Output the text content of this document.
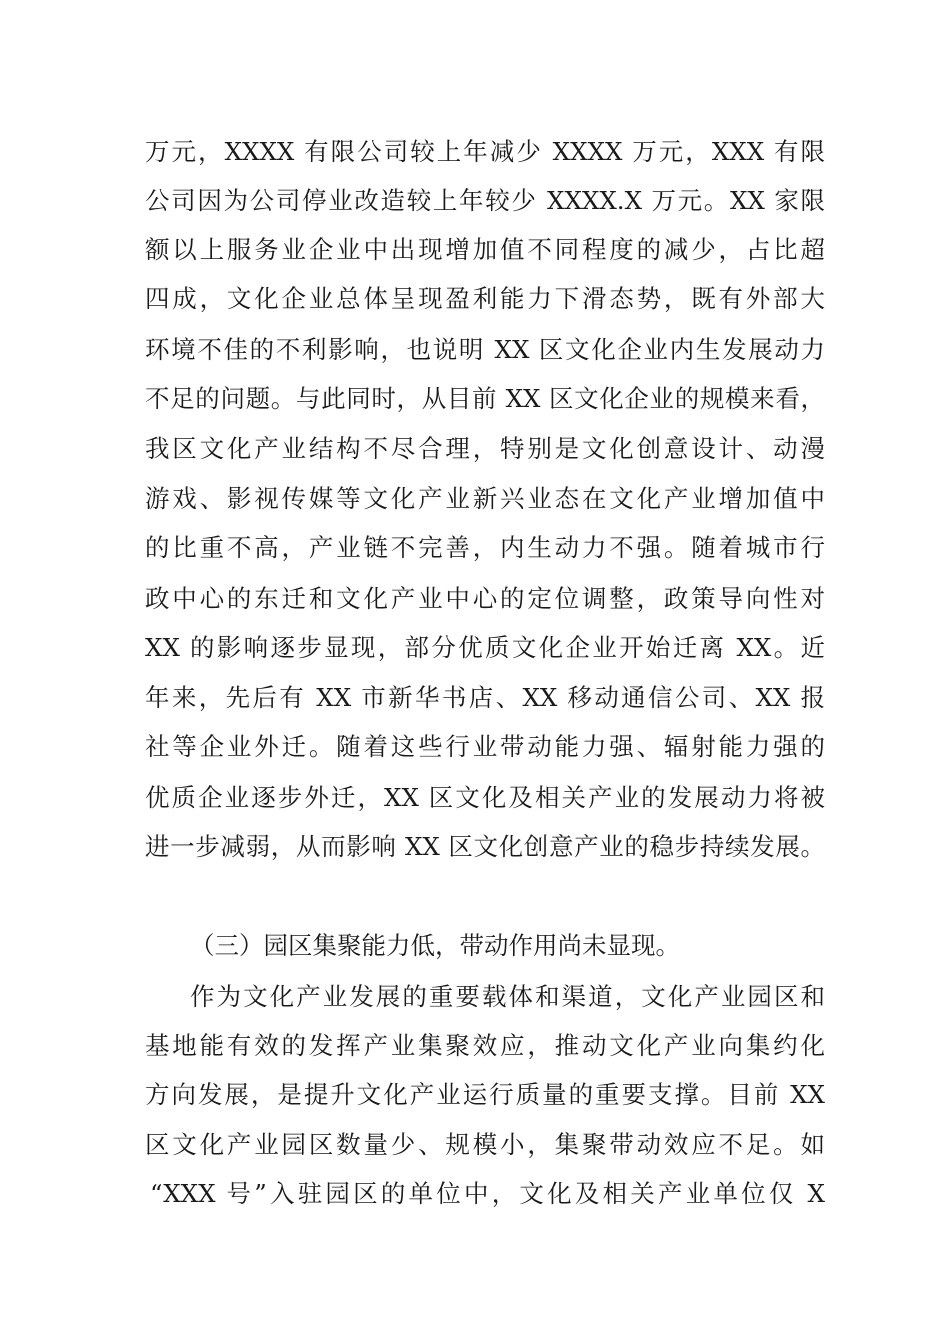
万元，XXXX 有限公司较上年减少 XXXX 万元，XXX 有限
公司因为公司停业改造较上年较少 XXXX.X 万元。XX 家限
额以上服务业企业中出现增加值不同程度的减少，占比超
四成，文化企业总体呈现盈利能力下滑态势，既有外部大
环境不佳的不利影响，也说明 XX 区文化企业内生发展动力
不足的问题。与此同时，从目前 XX 区文化企业的规模来看，
我区文化产业结构不尽合理，特别是文化创意设计、动漫
游戏、影视传媒等文化产业新兴业态在文化产业增加值中
的比重不高，产业链不完善，内生动力不强。随着城市行
政中心的东迁和文化产业中心的定位调整，政策导向性对
XX 的影响逐步显现，部分优质文化企业开始迁离 XX。近
年来，先后有 XX 市新华书店、XX 移动通信公司、XX 报
社等企业外迁。随着这些行业带动能力强、辐射能力强的
优质企业逐步外迁，XX 区文化及相关产业的发展动力将被
进一步减弱，从而影响 XX 区文化创意产业的稳步持续发展。
（三）园区集聚能力低，带动作用尚未显现。
作为文化产业发展的重要载体和渠道，文化产业园区和
基地能有效的发挥产业集聚效应，推动文化产业向集约化
方向发展，是提升文化产业运行质量的重要支撑。目前 XX
区文化产业园区数量少、规模小，集聚带动效应不足。如
“XXX 号”入驻园区的单位中，文化及相关产业单位仅 X
